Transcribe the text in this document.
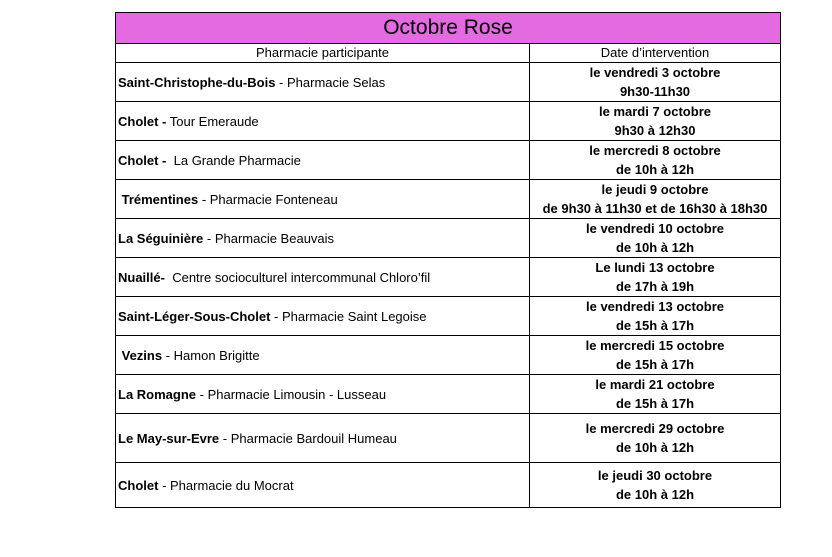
Octobre Rose	
Pharmacie participante	Date d’intervention
Saint-Christophe-du-Bois - Pharmacie Selas	le vendredi 3 octobre
9h30-11h30

Cholet - Tour Emeraude	le mardi 7 octobre
9h30 à 12h30

Cholet - La Grande Pharmacie	le mercredi 8 octobre
de 10h à 12h

Trémentines - Pharmacie Fonteneau	le jeudi 9 octobre
de 9h30 à 11h30 et de 16h30 à 18h30

La Séguinière - Pharmacie Beauvais	le vendredi 10 octobre
de 10h à 12h

Nuaillé- Centre socioculturel intercommunal Chloro’fil	Le lundi 13 octobre
de 17h à 19h

Saint-Léger-Sous-Cholet - Pharmacie Saint Legoise	le vendredi 13 octobre
de 15h à 17h

Vezins - Hamon Brigitte	le mercredi 15 octobre
de 15h à 17h

La Romagne - Pharmacie Limousin - Lusseau	le mardi 21 octobre
de 15h à 17h

Le May-sur-Evre - Pharmacie Bardouil Humeau	le mercredi 29 octobre
de 10h à 12h

Cholet - Pharmacie du Mocrat	le jeudi 30 octobre
de 10h à 12h
